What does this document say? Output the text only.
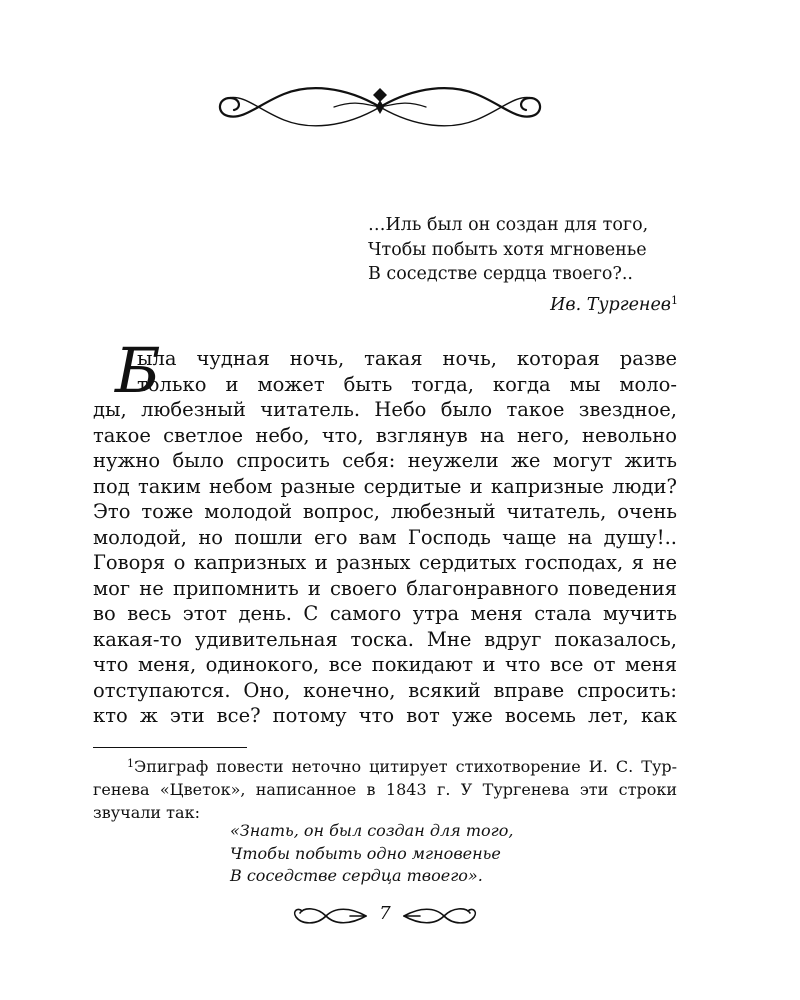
…Иль был он создан для того,
Чтобы побыть хотя мгновенье
В соседстве сердца твоего?..
Ив. Тургенев$^1$
Б
ыла чудная ночь, такая ночь, которая разве
только и может быть тогда, когда мы моло-
ды, любезный читатель. Небо было такое звездное,
такое светлое небо, что, взглянув на него, невольно
нужно было спросить себя: неужели же могут жить
под таким небом разные сердитые и капризные люди?
Это тоже молодой вопрос, любезный читатель, очень
молодой, но пошли его вам Господь чаще на душу!..
Говоря о капризных и разных сердитых господах, я не
мог не припомнить и своего благонравного поведения
во весь этот день. С самого утра меня стала мучить
какая-то удивительная тоска. Мне вдруг показалось,
что меня, одинокого, все покидают и что все от меня
отступаются. Оно, конечно, всякий вправе спросить:
кто ж эти все? потому что вот уже восемь лет, как
$^1$Эпиграф повести неточно цитирует стихотворение И. С. Тур-
генева «Цветок», написанное в 1843 г. У Тургенева эти строки
звучали так:
«Знать, он был создан для того,
Чтобы побыть одно мгновенье
В соседстве сердца твоего».
7
